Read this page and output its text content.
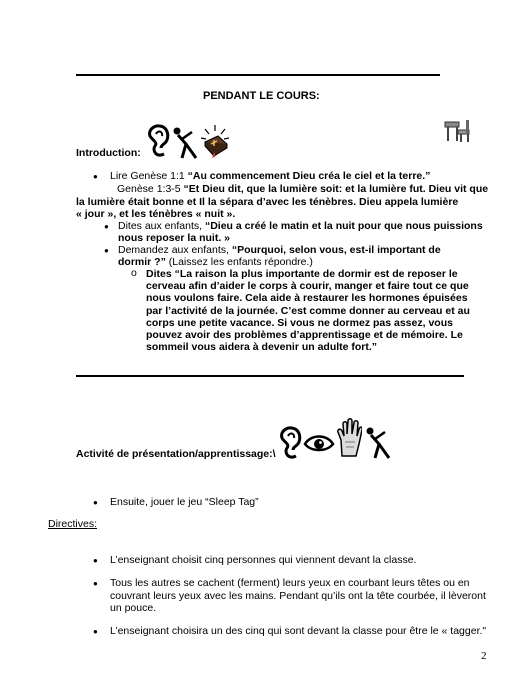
PENDANT LE COURS:
Introduction:
● Lire Genèse 1:1 “Au commencement Dieu créa le ciel et la terre.”
Genèse 1:3-5 “Et Dieu dit, que la lumière soit: et la lumière fut. Dieu vit que
la lumière était bonne et Il la sépara d’avec les ténèbres. Dieu appela lumière
« jour », et les ténèbres « nuit ».
● Dites aux enfants, “Dieu a créé le matin et la nuit pour que nous puissions
nous reposer la nuit. »
● Demandez aux enfants, “Pourquoi, selon vous, est-il important de
dormir ?” (Laissez les enfants répondre.)
o Dites “La raison la plus importante de dormir est de reposer le
cerveau afin d’aider le corps à courir, manger et faire tout ce que
nous voulons faire. Cela aide à restaurer les hormones épuisées
par l’activité de la journée. C’est comme donner au cerveau et au
corps une petite vacance. Si vous ne dormez pas assez, vous
pouvez avoir des problèmes d’apprentissage et de mémoire. Le
sommeil vous aidera à devenir un adulte fort.”
Activité de présentation/apprentissage:\
● Ensuite, jouer le jeu “Sleep Tag”
Directives:
● L’enseignant choisit cinq personnes qui viennent devant la classe.
● Tous les autres se cachent (ferment) leurs yeux en courbant leurs têtes ou en
couvrant leurs yeux avec les mains. Pendant qu’ils ont la tête courbée, il lèveront
un pouce.
● L’enseignant choisira un des cinq qui sont devant la classe pour être le « tagger."
2
